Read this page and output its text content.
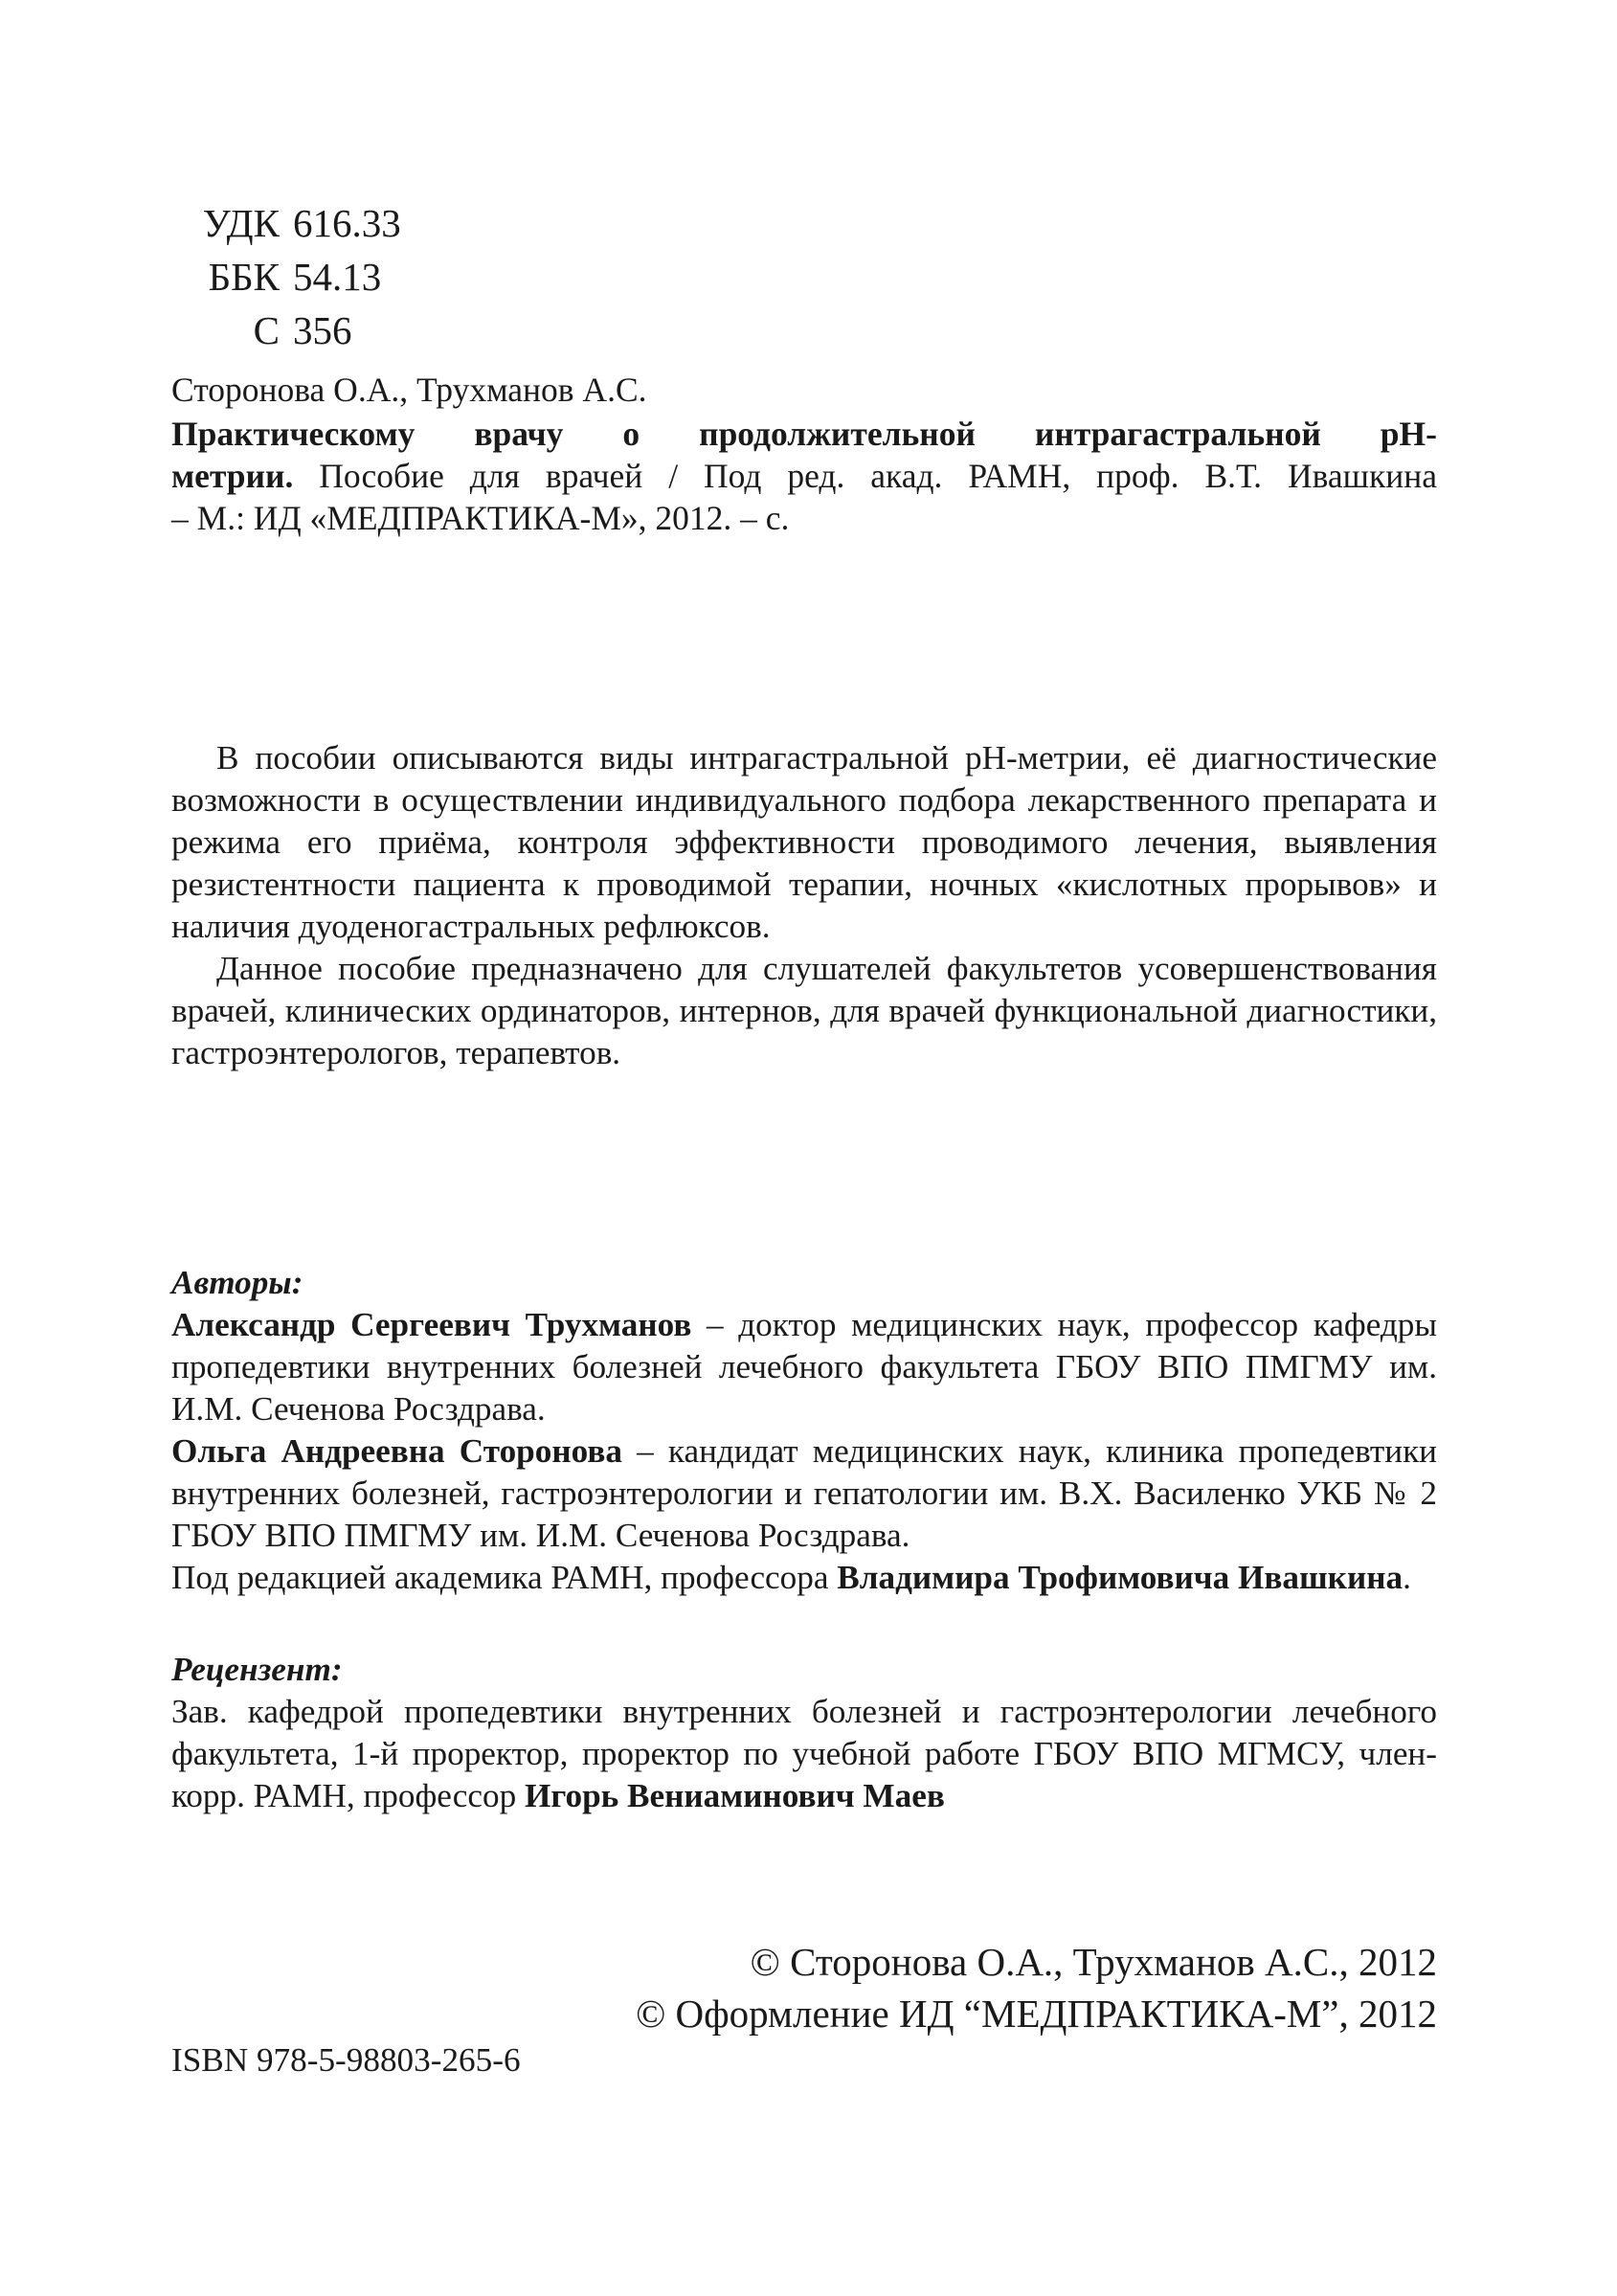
УДК 616.33
ББК 54.13
С 356
Сторонова О.А., Трухманов А.С.
Практическому врачу о продолжительной интрагастральной pH-
метрии. Пособие для врачей / Под ред. акад. РАМН, проф. В.Т. Ивашкина
– М.: ИД «МЕДПРАКТИКА-М», 2012. – с.

В пособии описываются виды интрагастральной pH-метрии, её диагностические возможности в осуществлении индивидуального подбора лекарственного препарата и режима его приёма, контроля эффективности проводимого лечения, выявления резистентности пациента к проводимой терапии, ночных «кислотных прорывов» и наличия дуоденогастральных рефлюксов.

Данное пособие предназначено для слушателей факультетов усовершенствования врачей, клинических ординаторов, интернов, для врачей функциональной диагностики, гастроэнтерологов, терапевтов.

Авторы:

Александр Сергеевич Трухманов – доктор медицинских наук, профессор кафедры пропедевтики внутренних болезней лечебного факультета ГБОУ ВПО ПМГМУ им. И.М. Сеченова Росздрава.

Ольга Андреевна Сторонова – кандидат медицинских наук, клиника пропедевтики внутренних болезней, гастроэнтерологии и гепатологии им. В.Х. Василенко УКБ № 2 ГБОУ ВПО ПМГМУ им. И.М. Сеченова Росздрава.

Под редакцией академика РАМН, профессора Владимира Трофимовича Ивашкина.

Рецензент:

Зав. кафедрой пропедевтики внутренних болезней и гастроэнтерологии лечебного факультета, 1-й проректор, проректор по учебной работе ГБОУ ВПО МГМСУ, член-корр. РАМН, профессор Игорь Вениаминович Маев

© Сторонова О.А., Трухманов А.С., 2012
© Оформление ИД “МЕДПРАКТИКА-М”, 2012
ISBN 978-5-98803-265-6
